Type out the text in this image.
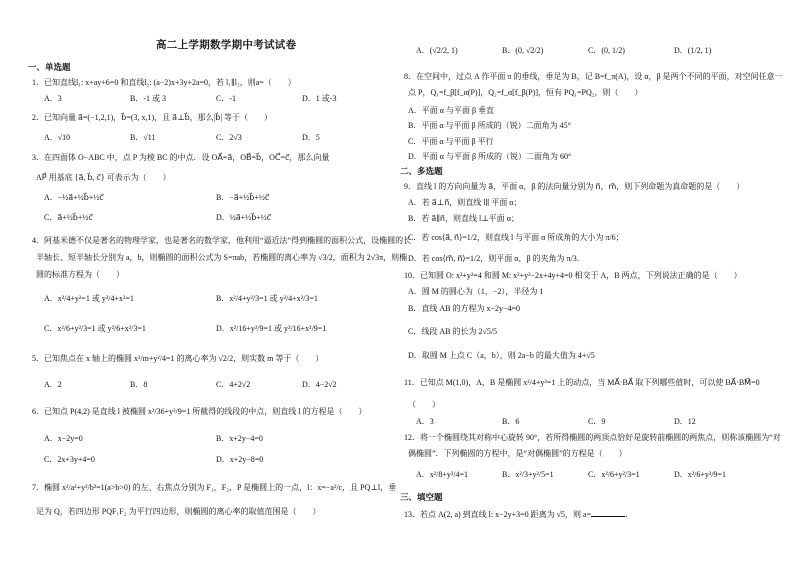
高二上学期数学期中考试试卷
一、单选题
1．已知直线l₁: x+ay+6=0 和直线l₂: (a−2)x+3y+2a=0，若 l₁∥l₂，则a=（　　）
A．3	B．-1 或 3	C．-1	D．1 或-3
2．已知向量 a⃗=(−1,2,1)，b⃗=(3, x,1)，且 a⃗⊥b⃗，那么|b⃗| 等于（　　）
A．√10	B．√11	C．2√3	D．5
3．在四面体 O−ABC 中，点 P 为棱 BC 的中点．设 OA⃗=a⃗，OB⃗=b⃗，OC⃗=c⃗，那么向量
AP⃗ 用基底 {a⃗, b⃗, c⃗} 可表示为（　　）
A．−½a⃗+½b⃗+½c⃗	B．−a⃗+½b⃗+½c⃗
C．a⃗+½b⃗+½c⃗	D．½a⃗+½b⃗+½c⃗
4．阿基米德不仅是著名的物理学家，也是著名的数学家，他利用“逼近法”得到椭圆的面积公式，设椭圆的长
半轴长、短半轴长分别为 a，b，则椭圆的面积公式为 S=πab，若椭圆的离心率为 √3/2，面积为 2√3π，则椭
圆的标准方程为（　　）
A．x²/4+y²=1 或 y²/4+x²=1	B．x²/4+y²/3=1 或 y²/4+x²/3=1
C．x²/6+y²/3=1 或 y²/6+x²/3=1	D．x²/16+y²/9=1 或 y²/16+x²/9=1
5．已知焦点在 x 轴上的椭圆 x²/m+y²/4=1 的离心率为 √2/2，则实数 m 等于（　　）
A．2	B．8	C．4+2√2	D．4−2√2
6．已知点 P(4,2) 是直线 l 被椭圆 x²/36+y²/9=1 所截得的线段的中点，则直线 l 的方程是（　　）
A．x−2y=0	B．x+2y−4=0
C．2x+3y+4=0	D．x+2y−8=0
7．椭圆 x²/a²+y²/b²=1(a>b>0) 的左、右焦点分别为 F₁，F₂，P 是椭圆上的一点，l：x=−a²/c，且 PQ⊥l，垂
足为 Q，若四边形 PQF₁F₂ 为平行四边形，则椭圆的离心率的取值范围是（　　）
A．(√2/2, 1)	B．(0, √2/2)	C．(0, 1/2)	D．(1/2, 1)
8．在空间中，过点 A 作平面 π 的垂线，垂足为 B，记 B=f_π(A)，设 α，β 是两个不同的平面，对空间任意一
点 P，Q₁=f_β[f_α(P)]，Q₂=f_α[f_β(P)]，恒有 PQ₁=PQ₂，则（　　）
A．平面 α 与平面 β 垂直
B．平面 α 与平面 β 所成的（锐）二面角为 45°
C．平面 α 与平面 β 平行
D．平面 α 与平面 β 所成的（锐）二面角为 60°
二、多选题
9．直线 l 的方向向量为 a⃗，平面 α，β 的法向量分别为 n⃗，m⃗，则下列命题为真命题的是（　　）
A．若 a⃗⊥n⃗，则直线 l∥ 平面 α；
B．若 a⃗∥n⃗，则直线 l⊥平面 α；
C．若 cos⟨a⃗, n⃗⟩=1/2，则直线 l 与平面 α 所成角的大小为 π/6；
D．若 cos⟨m⃗, n⃗⟩=1/2，则平面 α，β 的夹角为 π/3．
10．已知圆 O: x²+y²=4 和圆 M: x²+y²−2x+4y+4=0 相交于 A，B 两点，下列说法正确的是（　　）
A．圆 M 的圆心为（1，−2），半径为 1
B．直线 AB 的方程为 x−2y−4=0
C．线段 AB 的长为 2√5/5
D．取圆 M 上点 C（a，b），则 2a−b 的最大值为 4+√5
11．已知点 M(1,0)，A，B 是椭圆 x²/4+y²=1 上的动点，当 MA⃗·BA⃗ 取下列哪些值时，可以使 BA⃗·BM⃗=0
（　　）
A．3	B．6	C．9	D．12
12．将一个椭圆绕其对称中心旋转 90°，若所得椭圆的两顶点恰好是旋转前椭圆的两焦点，则称该椭圆为“对
偶椭圆”．下列椭圆的方程中，是“对偶椭圆”的方程是（　　）
A．x²/8+y²/4=1	B．x²/3+y²/5=1	C．x²/6+y²/3=1	D．x²/6+y²/9=1
三、填空题
13．若点 A(2, a) 到直线 l: x−2y+3=0 距离为 √5，则 a=	．
